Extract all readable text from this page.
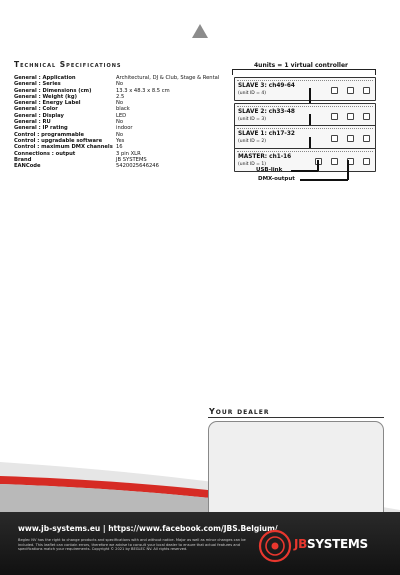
Technical Specifications
General : Application	Architectural, DJ & Club, Stage & Rental
General : Series	No
General : Dimensions (cm)	13.3 x 48.3 x 8.5 cm
General : Weight (kg)	2.5
General : Energy Label	No
General : Color	black
General : Display	LED
General : RU	No
General : IP rating	indoor
Control : programmable	No
Control : upgradable software	Yes
Control : maximum DMX channels 16
Connections : output	3 pin XLR
Brand	JB SYSTEMS
EANCode	5420025646246
4units = 1 virtual controller
SLAVE 3: ch49-64
(unit ID = 4)
SLAVE 2: ch33-48
(unit ID = 3)
SLAVE 1: ch17-32
(unit ID = 2)
MASTER: ch1-16
(unit ID = 1)
USB-link
DMX-output
Your dealer
www.jb-systems.eu | https://www.facebook.com/JBS.Belgium/
Beglec NV has the right to change products and specifications with and without notice. Major as well as minor changes can be included. This leaflet can contain errors, therefore we advise to consult your local dealer to ensure that actual features and specifications match your requirements. Copyright © 2021 by BEGLEC NV. All rights reserved.	JBSYSTEMS
